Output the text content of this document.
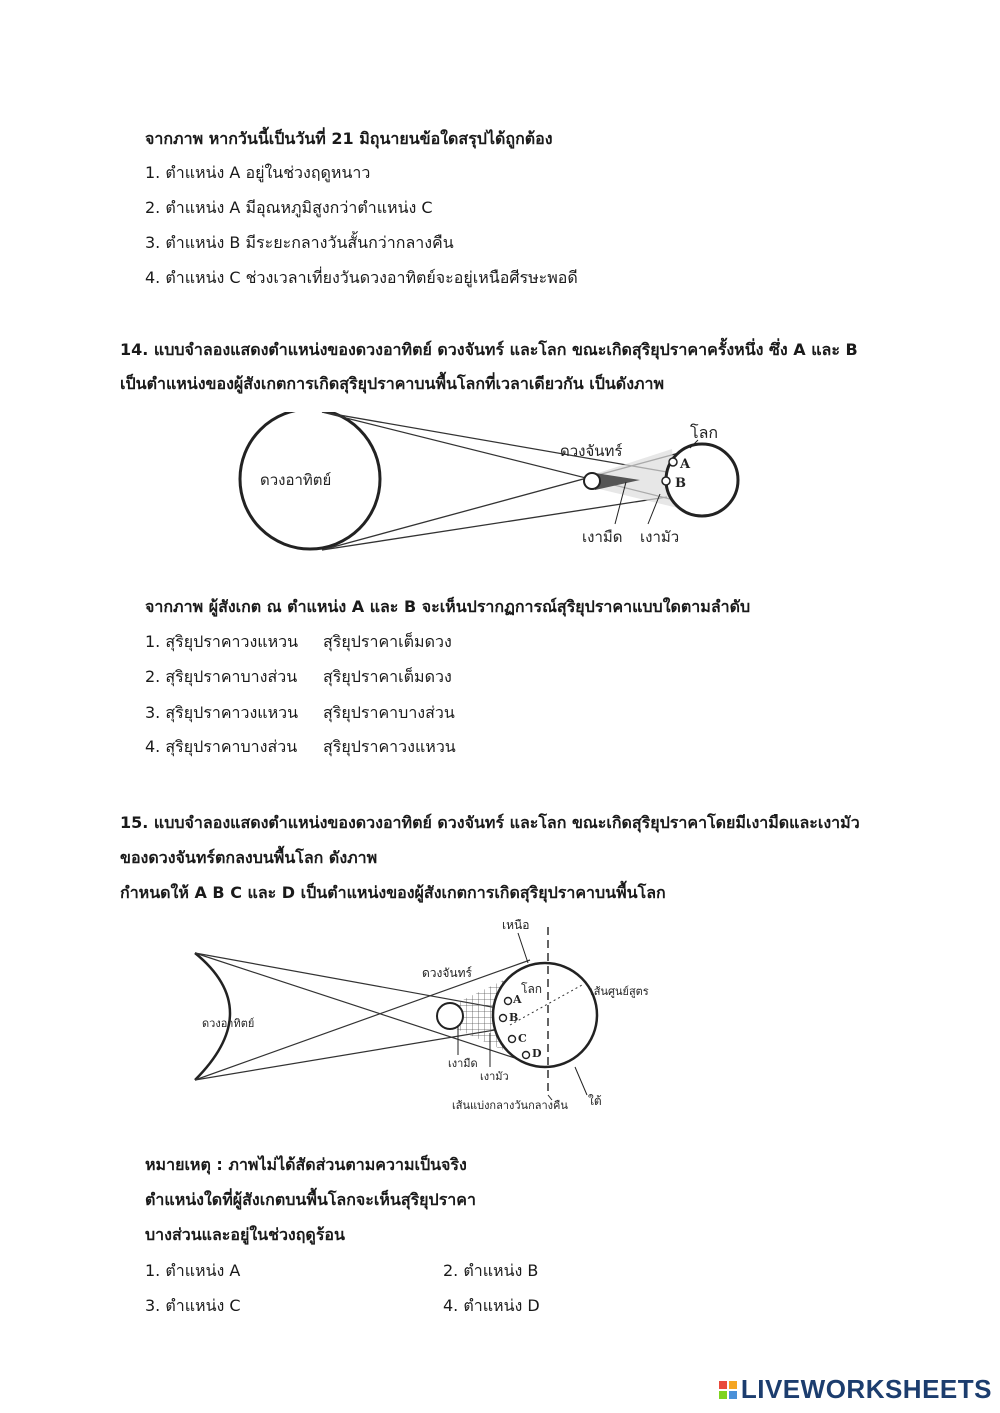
จากภาพ หากวันนี้เป็นวันที่ 21 มิถุนายนข้อใดสรุปได้ถูกต้อง
1. ตำแหน่ง A อยู่ในช่วงฤดูหนาว
2. ตำแหน่ง A มีอุณหภูมิสูงกว่าตำแหน่ง C
3. ตำแหน่ง B มีระยะกลางวันสั้นกว่ากลางคืน
4. ตำแหน่ง C ช่วงเวลาเที่ยงวันดวงอาทิตย์จะอยู่เหนือศีรษะพอดี
14. แบบจำลองแสดงตำแหน่งของดวงอาทิตย์ ดวงจันทร์ และโลก ขณะเกิดสุริยุปราคาครั้งหนึ่ง ซึ่ง A และ B
เป็นตำแหน่งของผู้สังเกตการเกิดสุริยุปราคาบนพื้นโลกที่เวลาเดียวกัน เป็นดังภาพ
ดวงอาทิตย์
ดวงจันทร์
โลก
A
B
เงามืด เงามัว
จากภาพ ผู้สังเกต ณ ตำแหน่ง A และ B จะเห็นปรากฏการณ์สุริยุปราคาแบบใดตามลำดับ
1. สุริยุปราคาวงแหวน สุริยุปราคาเต็มดวง
2. สุริยุปราคาบางส่วน สุริยุปราคาเต็มดวง
3. สุริยุปราคาวงแหวน สุริยุปราคาบางส่วน
4. สุริยุปราคาบางส่วน สุริยุปราคาวงแหวน
15. แบบจำลองแสดงตำแหน่งของดวงอาทิตย์ ดวงจันทร์ และโลก ขณะเกิดสุริยุปราคาโดยมีเงามืดและเงามัว
ของดวงจันทร์ตกลงบนพื้นโลก ดังภาพ
กำหนดให้ A B C และ D เป็นตำแหน่งของผู้สังเกตการเกิดสุริยุปราคาบนพื้นโลก
ดวงอาทิตย์
ดวงจันทร์
โลก
เหนือ
ใต้
เส้นศูนย์สูตร
เงามืด
เงามัว
เส้นแบ่งกลางวันกลางคืน
A
B
C
D
หมายเหตุ : ภาพไม่ได้สัดส่วนตามความเป็นจริง
ตำแหน่งใดที่ผู้สังเกตบนพื้นโลกจะเห็นสุริยุปราคา
บางส่วนและอยู่ในช่วงฤดูร้อน
1. ตำแหน่ง A	2. ตำแหน่ง B
3. ตำแหน่ง C	4. ตำแหน่ง D
LIVEWORKSHEETS
